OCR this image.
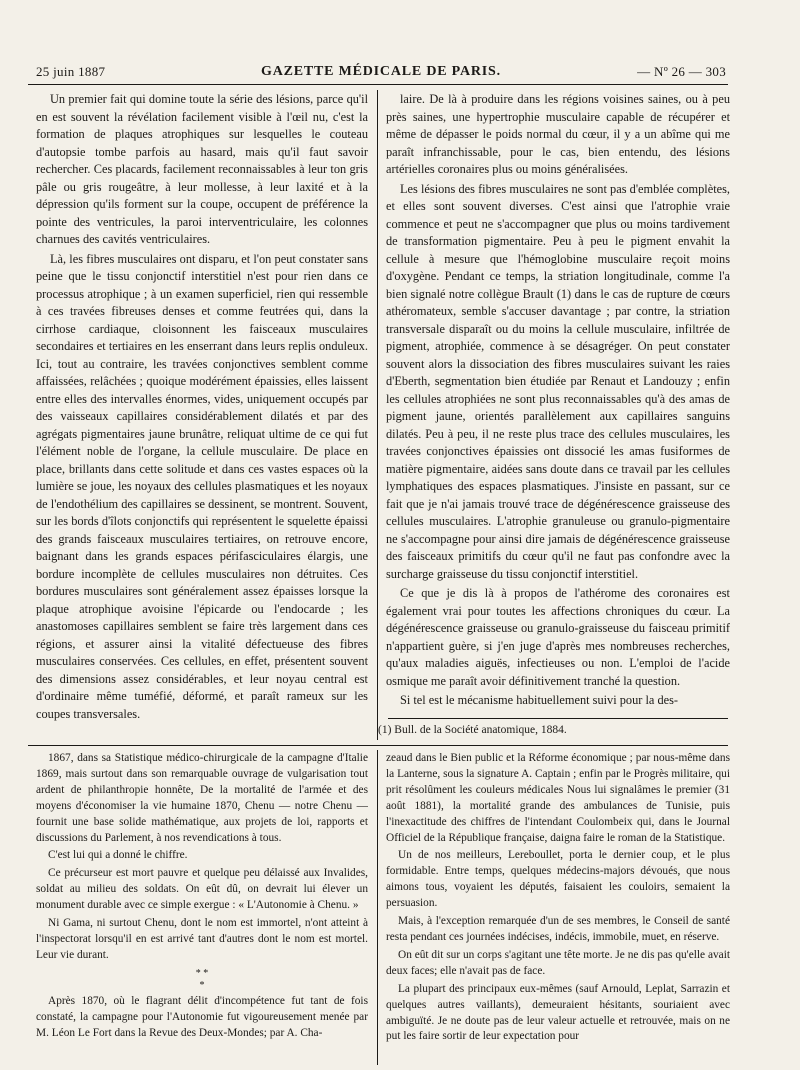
25 juin 1887	GAZETTE MÉDICALE DE PARIS.	— Nº 26 — 303

Un premier fait qui domine toute la série des lésions, parce qu'il en est souvent la révélation facilement visible à l'œil nu, c'est la formation de plaques atrophiques sur lesquelles le couteau d'autopsie tombe parfois au hasard, mais qu'il faut savoir rechercher. Ces placards, facilement reconnaissables à leur ton gris pâle ou gris rougeâtre, à leur mollesse, à leur laxité et à la dépression qu'ils forment sur la coupe, occupent de préférence la pointe des ventricules, la paroi interventriculaire, les colonnes charnues des cavités ventriculaires.

Là, les fibres musculaires ont disparu, et l'on peut constater sans peine que le tissu conjonctif interstitiel n'est pour rien dans ce processus atrophique ; à un examen superficiel, rien qui ressemble à ces travées fibreuses denses et comme feutrées qui, dans la cirrhose cardiaque, cloisonnent les faisceaux musculaires secondaires et tertiaires en les enserrant dans leurs replis onduleux. Ici, tout au contraire, les travées conjonctives semblent comme affaissées, relâchées ; quoique modérément épaissies, elles laissent entre elles des intervalles énormes, vides, uniquement occupés par des vaisseaux capillaires considérablement dilatés et par des agrégats pigmentaires jaune brunâtre, reliquat ultime de ce qui fut l'élément noble de l'organe, la cellule musculaire. De place en place, brillants dans cette solitude et dans ces vastes espaces où la lumière se joue, les noyaux des cellules plasmatiques et les noyaux de l'endothélium des capillaires se dessinent, se montrent. Souvent, sur les bords d'îlots conjonctifs qui représentent le squelette épaissi des grands faisceaux musculaires tertiaires, on retrouve encore, baignant dans les grands espaces périfasciculaires élargis, une bordure incomplète de cellules musculaires non détruites. Ces bordures musculaires sont généralement assez épaisses lorsque la plaque atrophique avoisine l'épicarde ou l'endocarde ; les anastomoses capillaires semblent se faire très largement dans ces régions, et assurer ainsi la vitalité défectueuse des fibres musculaires conservées. Ces cellules, en effet, présentent souvent des dimensions assez considérables, et leur noyau central est d'ordinaire même tuméfié, déformé, et paraît rameux sur les coupes transversales.

laire. De là à produire dans les régions voisines saines, ou à peu près saines, une hypertrophie musculaire capable de récupérer et même de dépasser le poids normal du cœur, il y a un abîme qui me paraît infranchissable, pour le cas, bien entendu, des lésions artérielles coronaires plus ou moins généralisées.

Les lésions des fibres musculaires ne sont pas d'emblée complètes, et elles sont souvent diverses. C'est ainsi que l'atrophie vraie commence et peut ne s'accompagner que plus ou moins tardivement de transformation pigmentaire. Peu à peu le pigment envahit la cellule à mesure que l'hémoglobine musculaire reçoit moins d'oxygène. Pendant ce temps, la striation longitudinale, comme l'a bien signalé notre collègue Brault (1) dans le cas de rupture de cœurs athéromateux, semble s'accuser davantage ; par contre, la striation transversale disparaît ou du moins la cellule musculaire, infiltrée de pigment, atrophiée, commence à se désagréger. On peut constater souvent alors la dissociation des fibres musculaires suivant les raies d'Eberth, segmentation bien étudiée par Renaut et Landouzy ; enfin les cellules atrophiées ne sont plus reconnaissables qu'à des amas de pigment jaune, orientés parallèlement aux capillaires sanguins dilatés. Peu à peu, il ne reste plus trace des cellules musculaires, les travées conjonctives épaissies ont dissocié les amas fusiformes de matière pigmentaire, aidées sans doute dans ce travail par les cellules lymphatiques des espaces plasmatiques. J'insiste en passant, sur ce fait que je n'ai jamais trouvé trace de dégénérescence graisseuse des cellules musculaires. L'atrophie granuleuse ou granulo-pigmentaire ne s'accompagne pour ainsi dire jamais de dégénérescence graisseuse des faisceaux primitifs du cœur qu'il ne faut pas confondre avec la surcharge graisseuse du tissu conjonctif interstitiel.

Ce que je dis là à propos de l'athérome des coronaires est également vrai pour toutes les affections chroniques du cœur. La dégénérescence graisseuse ou granulo-graisseuse du faisceau primitif n'appartient guère, si j'en juge d'après mes nombreuses recherches, qu'aux maladies aiguës, infectieuses ou non. L'emploi de l'acide osmique me paraît avoir définitivement tranché la question.

Si tel est le mécanisme habituellement suivi pour la des-

(1) Bull. de la Société anatomique, 1884.

1867, dans sa Statistique médico-chirurgicale de la campagne d'Italie 1869, mais surtout dans son remarquable ouvrage de vulgarisation tout ardent de philanthropie honnête, De la mortalité de l'armée et des moyens d'économiser la vie humaine 1870, Chenu — notre Chenu — fournit une base solide mathématique, aux projets de loi, rapports et discussions du Parlement, à nos revendications à tous.

C'est lui qui a donné le chiffre.

Ce précurseur est mort pauvre et quelque peu délaissé aux Invalides, soldat au milieu des soldats. On eût dû, on devrait lui élever un monument durable avec ce simple exergue : « L'Autonomie à Chenu. »

Ni Gama, ni surtout Chenu, dont le nom est immortel, n'ont atteint à l'inspectorat lorsqu'il en est arrivé tant d'autres dont le nom est mortel. Leur vie durant.

* *
*

Après 1870, où le flagrant délit d'incompétence fut tant de fois constaté, la campagne pour l'Autonomie fut vigoureusement menée par M. Léon Le Fort dans la Revue des Deux-Mondes; par A. Cha-

zeaud dans le Bien public et la Réforme économique ; par nous-même dans la Lanterne, sous la signature A. Captain ; enfin par le Progrès militaire, qui prit résolûment les couleurs médicales Nous lui signalâmes le premier (31 août 1881), la mortalité grande des ambulances de Tunisie, puis l'inexactitude des chiffres de l'intendant Coulombeix qui, dans le Journal Officiel de la République française, daigna faire le roman de la Statistique.

Un de nos meilleurs, Lereboullet, porta le dernier coup, et le plus formidable. Entre temps, quelques médecins-majors dévoués, que nous aimons tous, voyaient les députés, faisaient les couloirs, semaient la persuasion.

Mais, à l'exception remarquée d'un de ses membres, le Conseil de santé resta pendant ces journées indécises, indécis, immobile, muet, en réserve.

On eût dit sur un corps s'agitant une tête morte. Je ne dis pas qu'elle avait deux faces; elle n'avait pas de face.

La plupart des principaux eux-mêmes (sauf Arnould, Leplat, Sarrazin et quelques autres vaillants), demeuraient hésitants, souriaient avec ambiguïté. Je ne doute pas de leur valeur actuelle et retrouvée, mais on ne put les faire sortir de leur expectation pour
